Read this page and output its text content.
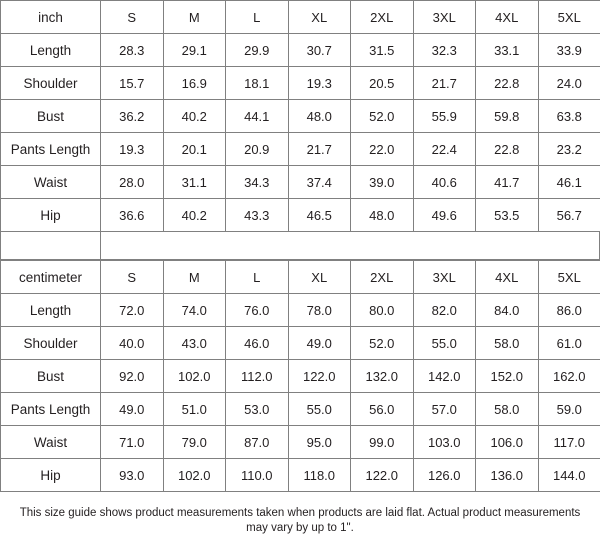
inch	S	M	L	XL	2XL	3XL	4XL	5XL
Length	28.3	29.1	29.9	30.7	31.5	32.3	33.1	33.9
Shoulder	15.7	16.9	18.1	19.3	20.5	21.7	22.8	24.0
Bust	36.2	40.2	44.1	48.0	52.0	55.9	59.8	63.8
Pants Length	19.3	20.1	20.9	21.7	22.0	22.4	22.8	23.2
Waist	28.0	31.1	34.3	37.4	39.0	40.6	41.7	46.1
Hip	36.6	40.2	43.3	46.5	48.0	49.6	53.5	56.7
centimeter	S	M	L	XL	2XL	3XL	4XL	5XL
Length	72.0	74.0	76.0	78.0	80.0	82.0	84.0	86.0
Shoulder	40.0	43.0	46.0	49.0	52.0	55.0	58.0	61.0
Bust	92.0	102.0	112.0	122.0	132.0	142.0	152.0	162.0
Pants Length	49.0	51.0	53.0	55.0	56.0	57.0	58.0	59.0
Waist	71.0	79.0	87.0	95.0	99.0	103.0	106.0	117.0
Hip	93.0	102.0	110.0	118.0	122.0	126.0	136.0	144.0
This size guide shows product measurements taken when products are laid flat. Actual product measurements
may vary by up to 1".
